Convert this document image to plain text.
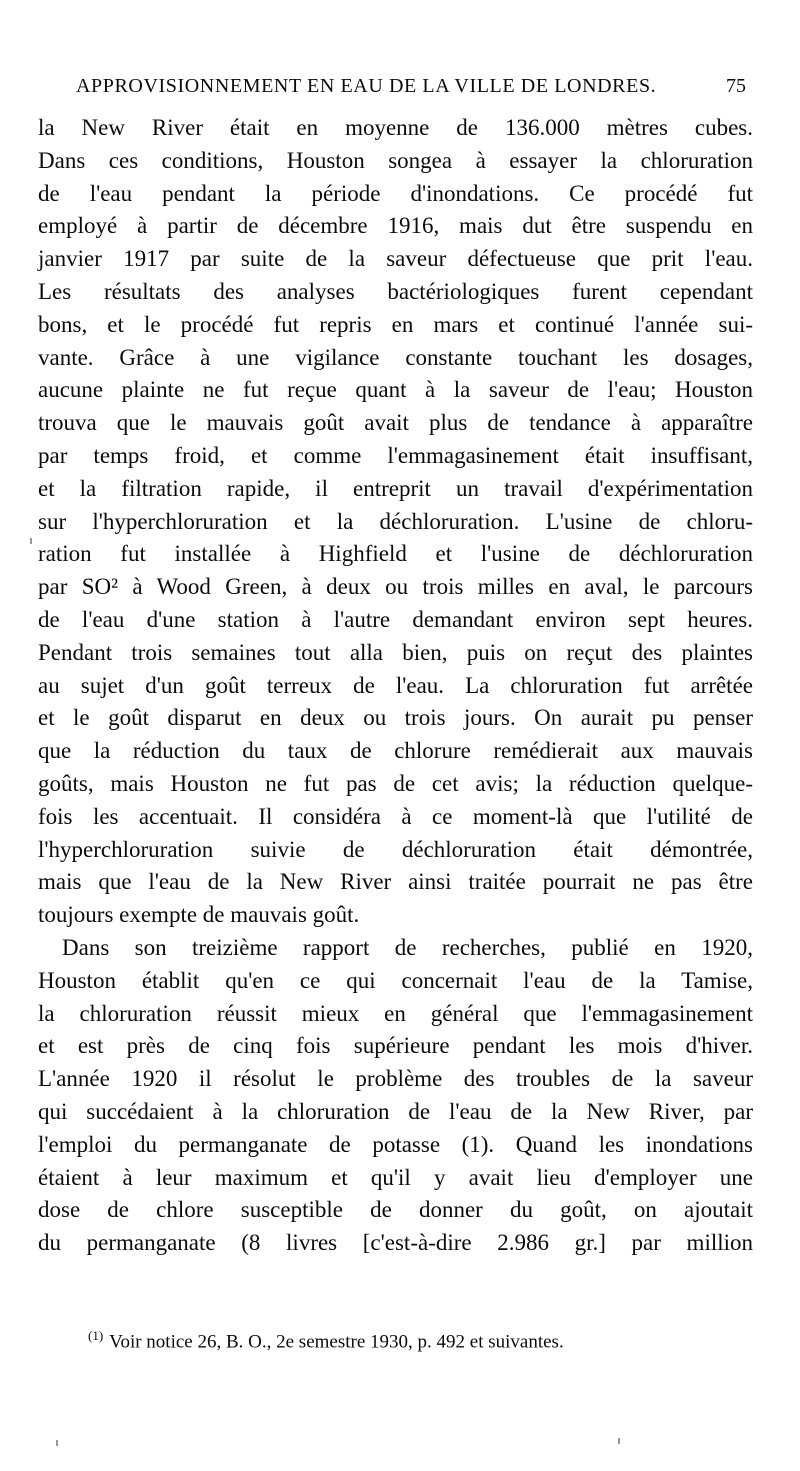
APPROVISIONNEMENT EN EAU DE LA VILLE DE LONDRES.	75
la New River était en moyenne de 136.000 mètres cubes.
Dans ces conditions, Houston songea à essayer la chloruration
de l'eau pendant la période d'inondations. Ce procédé fut
employé à partir de décembre 1916, mais dut être suspendu en
janvier 1917 par suite de la saveur défectueuse que prit l'eau.
Les résultats des analyses bactériologiques furent cependant
bons, et le procédé fut repris en mars et continué l'année sui-
vante. Grâce à une vigilance constante touchant les dosages,
aucune plainte ne fut reçue quant à la saveur de l'eau; Houston
trouva que le mauvais goût avait plus de tendance à apparaître
par temps froid, et comme l'emmagasinement était insuffisant,
et la filtration rapide, il entreprit un travail d'expérimentation
sur l'hyperchloruration et la déchloruration. L'usine de chloru-
ration fut installée à Highfield et l'usine de déchloruration
par SO² à Wood Green, à deux ou trois milles en aval, le parcours
de l'eau d'une station à l'autre demandant environ sept heures.
Pendant trois semaines tout alla bien, puis on reçut des plaintes
au sujet d'un goût terreux de l'eau. La chloruration fut arrêtée
et le goût disparut en deux ou trois jours. On aurait pu penser
que la réduction du taux de chlorure remédierait aux mauvais
goûts, mais Houston ne fut pas de cet avis; la réduction quelque-
fois les accentuait. Il considéra à ce moment-là que l'utilité de
l'hyperchloruration suivie de déchloruration était démontrée,
mais que l'eau de la New River ainsi traitée pourrait ne pas être
toujours exempte de mauvais goût.
Dans son treizième rapport de recherches, publié en 1920,
Houston établit qu'en ce qui concernait l'eau de la Tamise,
la chloruration réussit mieux en général que l'emmagasinement
et est près de cinq fois supérieure pendant les mois d'hiver.
L'année 1920 il résolut le problème des troubles de la saveur
qui succédaient à la chloruration de l'eau de la New River, par
l'emploi du permanganate de potasse (1). Quand les inondations
étaient à leur maximum et qu'il y avait lieu d'employer une
dose de chlore susceptible de donner du goût, on ajoutait
du permanganate (8 livres [c'est-à-dire 2.986 gr.] par million
$^{(1)}$ Voir notice 26, B. O., 2e semestre 1930, p. 492 et suivantes.
